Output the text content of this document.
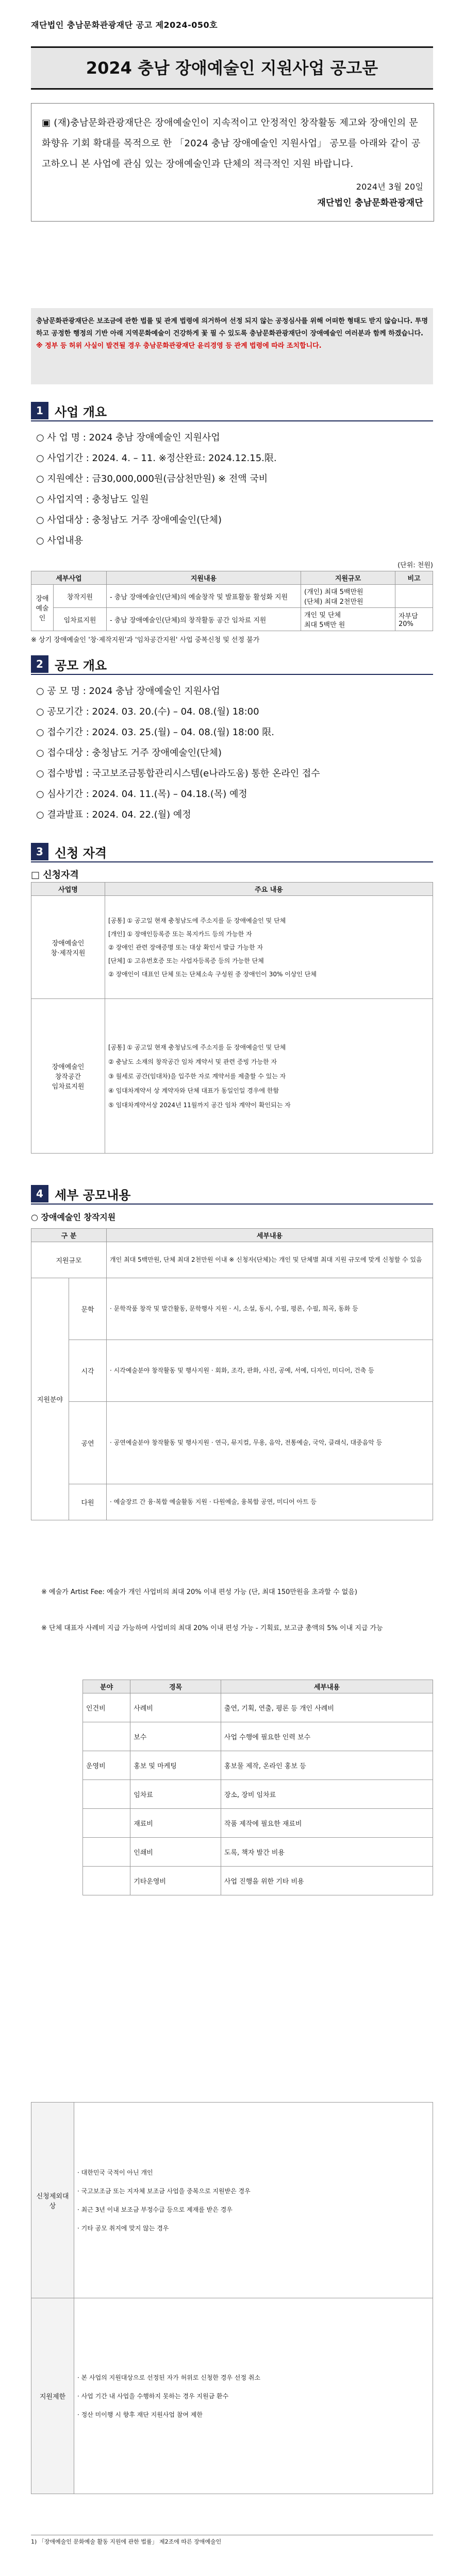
재단법인 충남문화관광재단 공고 제2024-050호
2024 충남 장애예술인 지원사업 공고문
▣ (재)충남문화관광재단은 장애예술인이 지속적이고 안정적인 창작활동 제고와 장애인의 문화향유 기회 확대를 목적으로 한 「2024 충남 장애예술인 지원사업」 공모를 아래와 같이 공고하오니 본 사업에 관심 있는 장애예술인과 단체의 적극적인 지원 바랍니다.
2024년 3월 20일
재단법인 충남문화관광재단

충남문화관광재단은 보조금에 관한 법률 및 관계 법령에 의거하여 선정 되지 않는 공정심사를 위해 어떠한 형태도 받지 않습니다. 투명하고 공정한 행정의 기반 아래 지역문화예술이 건강하게 꽃 필 수 있도록 충남문화관광재단이 장애예술인 여러분과 함께 하겠습니다.

※ 정부 등 허위 사실이 발견될 경우 충남문화관광재단 윤리경영 등 관계 법령에 따라 조치합니다.

1 사업 개요
○ 사 업 명 : 2024 충남 장애예술인 지원사업
○ 사업기간 : 2024. 4. – 11. ※정산완료: 2024.12.15.限.
○ 지원예산 : 금30,000,000원(금삼천만원) ※ 전액 국비
○ 사업지역 : 충청남도 일원
○ 사업대상 : 충청남도 거주 장애예술인(단체)
○ 사업내용
(단위: 천원)
세부사업		지원내용	지원규모	비고
장애예술인	창작지원	- 충남 장애예술인(단체)의 예술창작 및 발표활동 활성화 지원	(개인) 최대 5백만원
(단체) 최대 2천만원	
	임차료지원	- 충남 장애예술인(단체)의 창작활동 공간 임차료 지원	개인 및 단체
최대 5백만 원	자부담 20%
※ 상기 장애예술인 '창·제작지원'과 '임차공간지원' 사업 중복신청 및 선정 불가
2 공모 개요
○ 공 모 명 : 2024 충남 장애예술인 지원사업
○ 공모기간 : 2024. 03. 20.(수) – 04. 08.(월) 18:00
○ 접수기간 : 2024. 03. 25.(월) – 04. 08.(월) 18:00 限.
○ 접수대상 : 충청남도 거주 장애예술인(단체)
○ 접수방법 : 국고보조금통합관리시스템(e나라도움) 통한 온라인 접수
○ 심사기간 : 2024. 04. 11.(목) – 04.18.(목) 예정
○ 결과발표 : 2024. 04. 22.(월) 예정
3 신청 자격
□ 신청자격
사업명	주요 내용
장애예술인
창·제작지원	[공통] ① 공고일 현재 충청남도에 주소지를 둔 장애예술인 및 단체
[개인] ① 장애인등록증 또는 복지카드 등의 가능한 자
② 장애인 관련 장애증명 또는 대상 확인서 발급 가능한 자
[단체] ① 고유번호증 또는 사업자등록증 등의 가능한 단체
② 장애인이 대표인 단체 또는 단체소속 구성원 중 장애인이 30% 이상인 단체
장애예술인
창작공간
임차료지원	[공통] ① 공고일 현재 충청남도에 주소지를 둔 장애예술인 및 단체
② 충남도 소재의 창작공간 임차 계약서 및 관련 증빙 가능한 자
③ 월세로 공간(임대차)을 입주한 자로 계약서를 제출할 수 있는 자
④ 임대차계약서 상 계약자와 단체 대표가 동일인일 경우에 한함
⑤ 임대차계약서상 2024년 11월까지 공간 임차 계약이 확인되는 자
4 세부 공모내용
○ 장애예술인 창작지원
구 분		세부내용
지원규모		개인 최대 5백만원, 단체 최대 2천만원 이내 ※ 신청자(단체)는 개인 및 단체별 최대 지원 규모에 맞게 신청할 수 있음
지원분야	문학	· 문학작품 창작 및 발간활동, 문학행사 지원 · 시, 소설, 동시, 수필, 평론, 수필, 희곡, 동화 등
	시각	· 시각예술분야 창작활동 및 행사지원 · 회화, 조각, 판화, 사진, 공예, 서예, 디자인, 미디어, 건축 등
	공연	· 공연예술분야 창작활동 및 행사지원 · 연극, 뮤지컬, 무용, 음악, 전통예술, 국악, 클래식, 대중음악 등
	다원	· 예술장르 간 융·복합 예술활동 지원 · 다원예술, 융복합 공연, 미디어 아트 등
※ 예술가 Artist Fee: 예술가 개인 사업비의 최대 20% 이내 편성 가능 (단, 최대 150만원을 초과할 수 없음)
※ 단체 대표자 사례비 지급 가능하며 사업비의 최대 20% 이내 편성 가능 - 기획료, 보고금 총액의 5% 이내 지급 가능
분야	경목	세부내용
인건비	사례비	출연, 기획, 연출, 평론 등 개인 사례비
	보수	사업 수행에 필요한 인력 보수
운영비	홍보 및 마케팅	홍보물 제작, 온라인 홍보 등
	임차료	장소, 장비 임차료
	재료비	작품 제작에 필요한 재료비
	인쇄비	도록, 책자 발간 비용
	기타운영비	사업 진행을 위한 기타 비용
신청제외대상	· 대한민국 국적이 아닌 개인
· 국고보조금 또는 지자체 보조금 사업을 중복으로 지원받은 경우
· 최근 3년 이내 보조금 부정수급 등으로 제재를 받은 경우
· 기타 공모 취지에 맞지 않는 경우

지원제한	· 본 사업의 지원대상으로 선정된 자가 허위로 신청한 경우 선정 취소
· 사업 기간 내 사업을 수행하지 못하는 경우 지원금 환수
· 정산 미이행 시 향후 재단 지원사업 참여 제한
1) 「장애예술인 문화예술 활동 지원에 관한 법률」 제2조에 따른 장애예술인
